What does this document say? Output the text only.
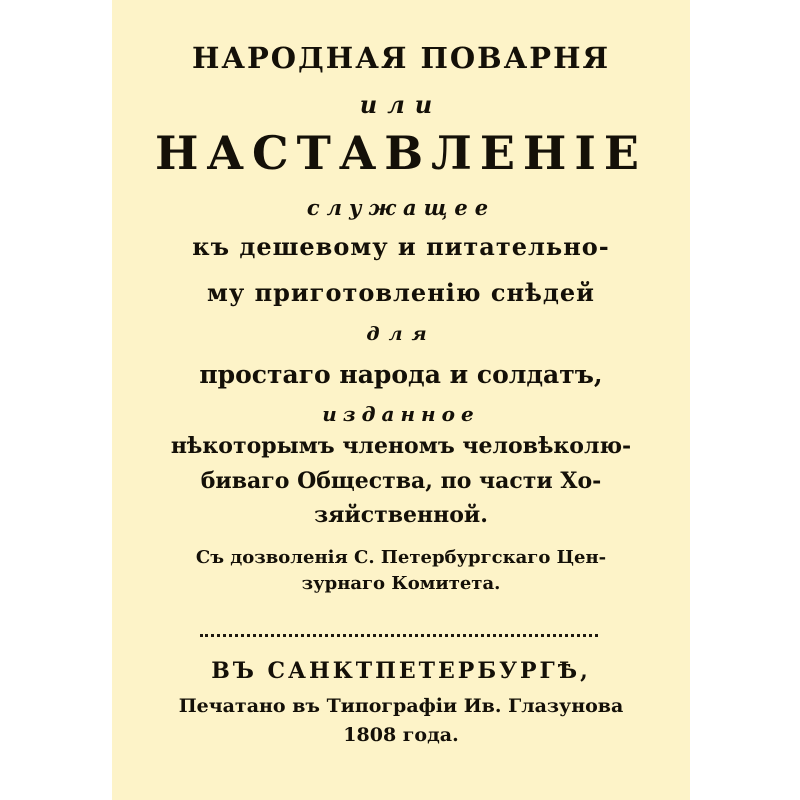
НАРОДНАЯ ПОВАРНЯ
или
НАСТАВЛЕНІЕ
служащее
къ дешевому и питательно-
му приготовленію снѣдей
для
простаго народа и солдатъ,
изданное
нѣкоторымъ членомъ человѣколю-
биваго Общества, по части Хо-
зяйственной.
Съ дозволенія С. Петербургскаго Цен-
зурнаго Комитета.
ВЪ САНКТПЕТЕРБУРГѢ,
Печатано въ Типографіи Ив. Глазунова
1808 года.
